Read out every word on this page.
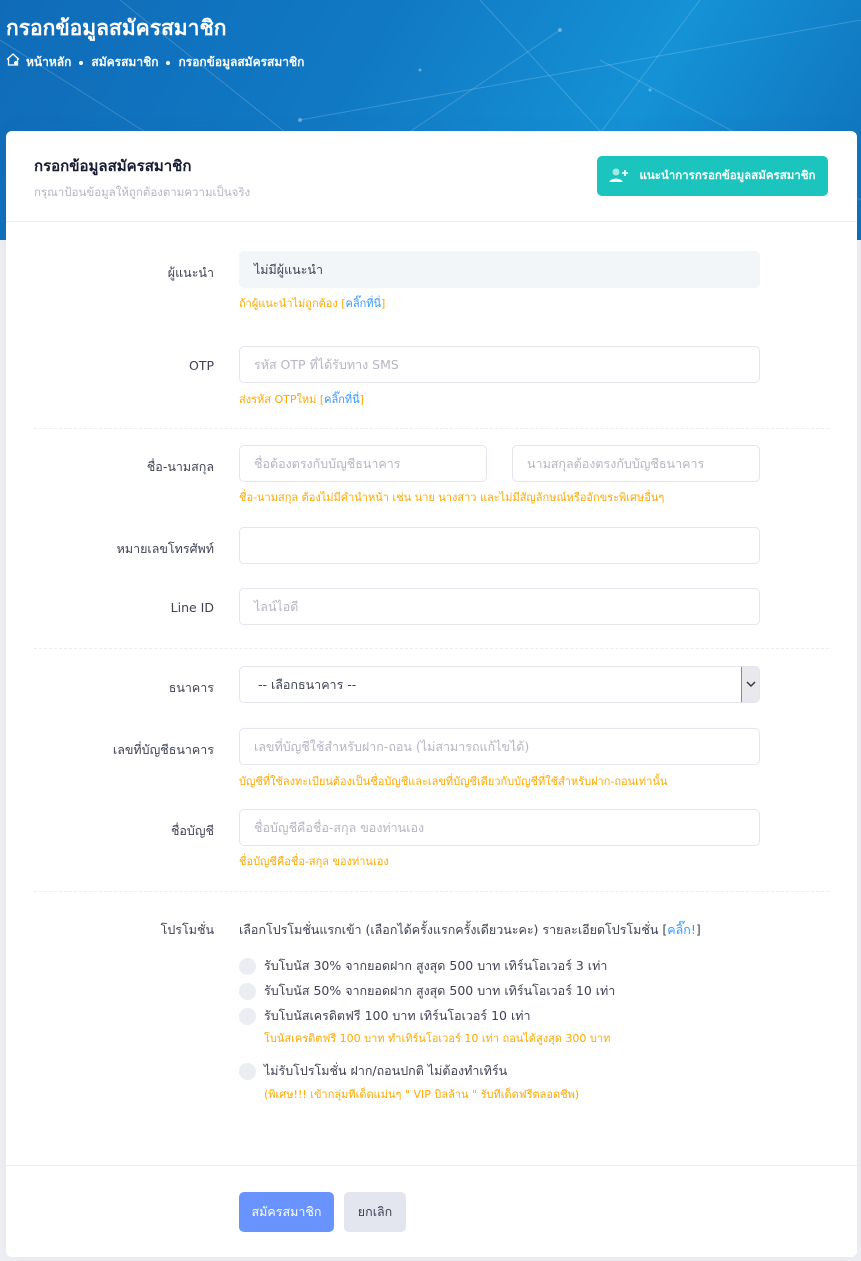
กรอกข้อมูลสมัครสมาชิก
หน้าหลัก สมัครสมาชิก กรอกข้อมูลสมัครสมาชิก
กรอกข้อมูลสมัครสมาชิก
กรุณาป้อนข้อมูลให้ถูกต้องตามความเป็นจริง
แนะนำการกรอกข้อมูลสมัครสมาชิก
ผู้แนะนำ	ไม่มีผู้แนะนำ
ถ้าผู้แนะนำไม่ถูกต้อง [คลิ๊กที่นี่]
OTP	รหัส OTP ที่ได้รับทาง SMS
ส่งรหัส OTPใหม่ [คลิ๊กที่นี่]
ชื่อ-นามสกุล	ชื่อต้องตรงกับบัญชีธนาคาร	นามสกุลต้องตรงกับบัญชีธนาคาร
ชื่อ-นามสกุล ต้องไม่มีคำนำหน้า เช่น นาย นางสาว และไม่มีสัญลักษณ์หรืออักขระพิเศษอื่นๆ
หมายเลขโทรศัพท์
Line ID	ไลน์ไอดี
ธนาคาร	-- เลือกธนาคาร --
เลขที่บัญชีธนาคาร	เลขที่บัญชีใช้สำหรับฝาก-ถอน (ไม่สามารถแก้ไขได้)
บัญชีที่ใช้ลงทะเบียนต้องเป็นชื่อบัญชีและเลขที่บัญชีเดียวกับบัญชีที่ใช้สำหรับฝาก-ถอนเท่านั้น
ชื่อบัญชี	ชื่อบัญชีคือชื่อ-สกุล ของท่านเอง
ชื่อบัญชีคือชื่อ-สกุล ของท่านเอง
โปรโมชั่น เลือกโปรโมชั่นแรกเข้า (เลือกได้ครั้งแรกครั้งเดียวนะคะ) รายละเอียดโปรโมชั่น [คลิ๊ก!]
รับโบนัส 30% จากยอดฝาก สูงสุด 500 บาท เทิร์นโอเวอร์ 3 เท่า
รับโบนัส 50% จากยอดฝาก สูงสุด 500 บาท เทิร์นโอเวอร์ 10 เท่า
รับโบนัสเครดิตฟรี 100 บาท เทิร์นโอเวอร์ 10 เท่า
โบนัสเครดิตฟรี 100 บาท ทำเทิร์นโอเวอร์ 10 เท่า ถอนได้สูงสุด 300 บาท
ไม่รับโปรโมชั่น ฝาก/ถอนปกติ ไม่ต้องทำเทิร์น
(พิเศษ!!! เข้ากลุ่มทีเด็ดแม่นๆ " VIP บิลล้าน " รับทีเด็ดฟรีตลอดชีพ)
สมัครสมาชิก	ยกเลิก
